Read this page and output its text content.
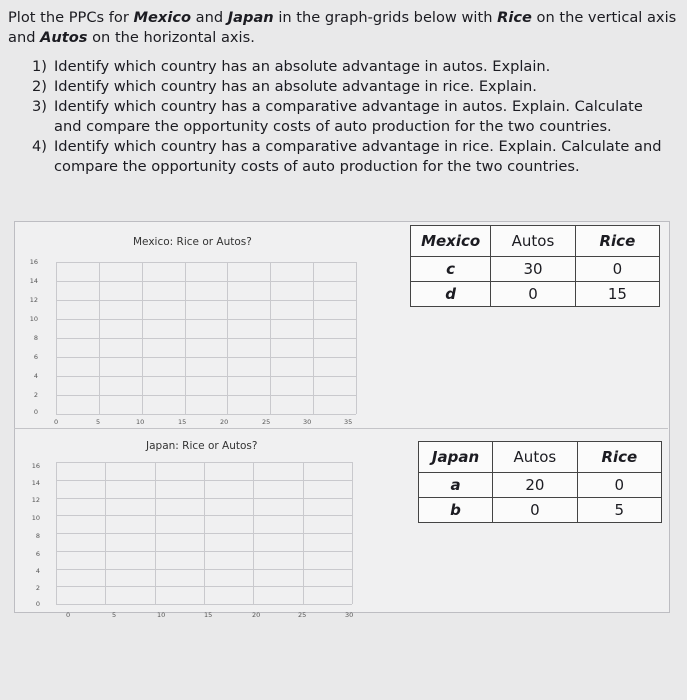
Plot the PPCs for Mexico and Japan in the graph-grids below with Rice on the vertical axis and Autos on the horizontal axis.
1) Identify which country has an absolute advantage in autos. Explain.
2) Identify which country has an absolute advantage in rice. Explain.
3) Identify which country has a comparative advantage in autos. Explain. Calculate and compare the opportunity costs of auto production for the two countries.
4) Identify which country has a comparative advantage in rice. Explain. Calculate and compare the opportunity costs of auto production for the two countries.
Mexico: Rice or Autos?
16
14
12
10
8
6
4
2
0
0	5	10	15	20	25	30	35
Japan: Rice or Autos?
16
14
12
10
8
6
4
2
0
0	5	10	15	20	25	30
Mexico	Autos	Rice
c	30	0
d	0	15
Japan	Autos	Rice
a	20	0
b	0	5
